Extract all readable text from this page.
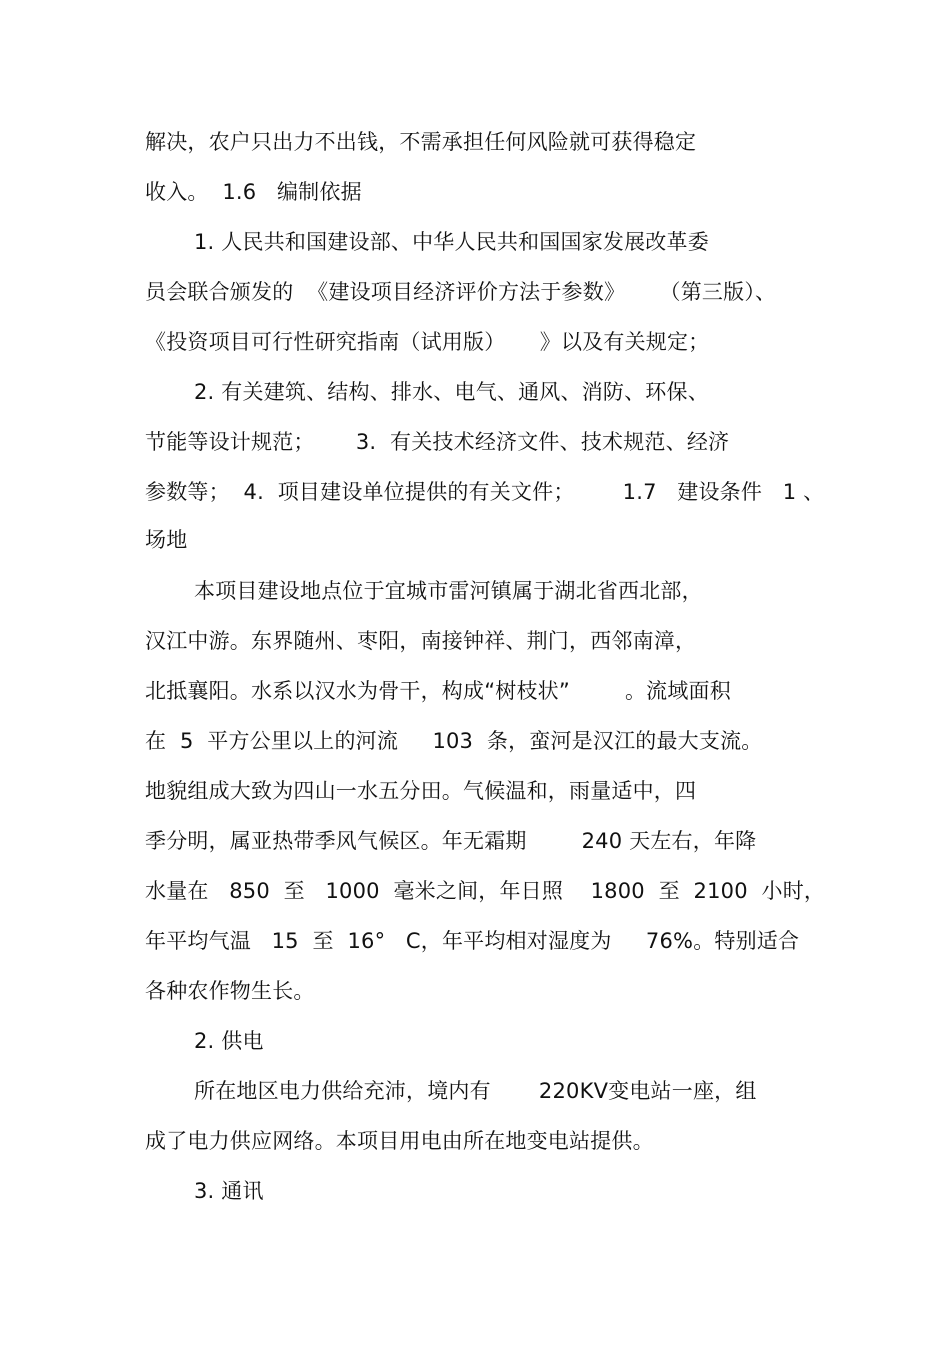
解决，农户只出力不出钱，不需承担任何风险就可获得稳定
收入。  1.6   编制依据
1. 人民共和国建设部、中华人民共和国国家发展改革委
员会联合颁发的  《建设项目经济评价方法于参数》     （第三版）、
《投资项目可行性研究指南（试用版）     》以及有关规定；
2. 有关建筑、结构、排水、电气、通风、消防、环保、
节能等设计规范；      3.  有关技术经济文件、技术规范、经济
参数等；  4.  项目建设单位提供的有关文件；       1.7   建设条件   1 、
场地
本项目建设地点位于宜城市雷河镇属于湖北省西北部，
汉江中游。东界随州、枣阳，南接钟祥、荆门，西邻南漳，
北抵襄阳。水系以汉水为骨干，构成“树枝状”        。流域面积
在  5  平方公里以上的河流     103  条，蛮河是汉江的最大支流。
地貌组成大致为四山一水五分田。气候温和，雨量适中，四
季分明，属亚热带季风气候区。年无霜期        240 天左右，年降
水量在   850  至   1000  毫米之间，年日照    1800  至  2100  小时，
年平均气温   15  至  16°   C，年平均相对湿度为     76%。特别适合
各种农作物生长。
2. 供电
所在地区电力供给充沛，境内有       220KV变电站一座，组
成了电力供应网络。本项目用电由所在地变电站提供。
3. 通讯
